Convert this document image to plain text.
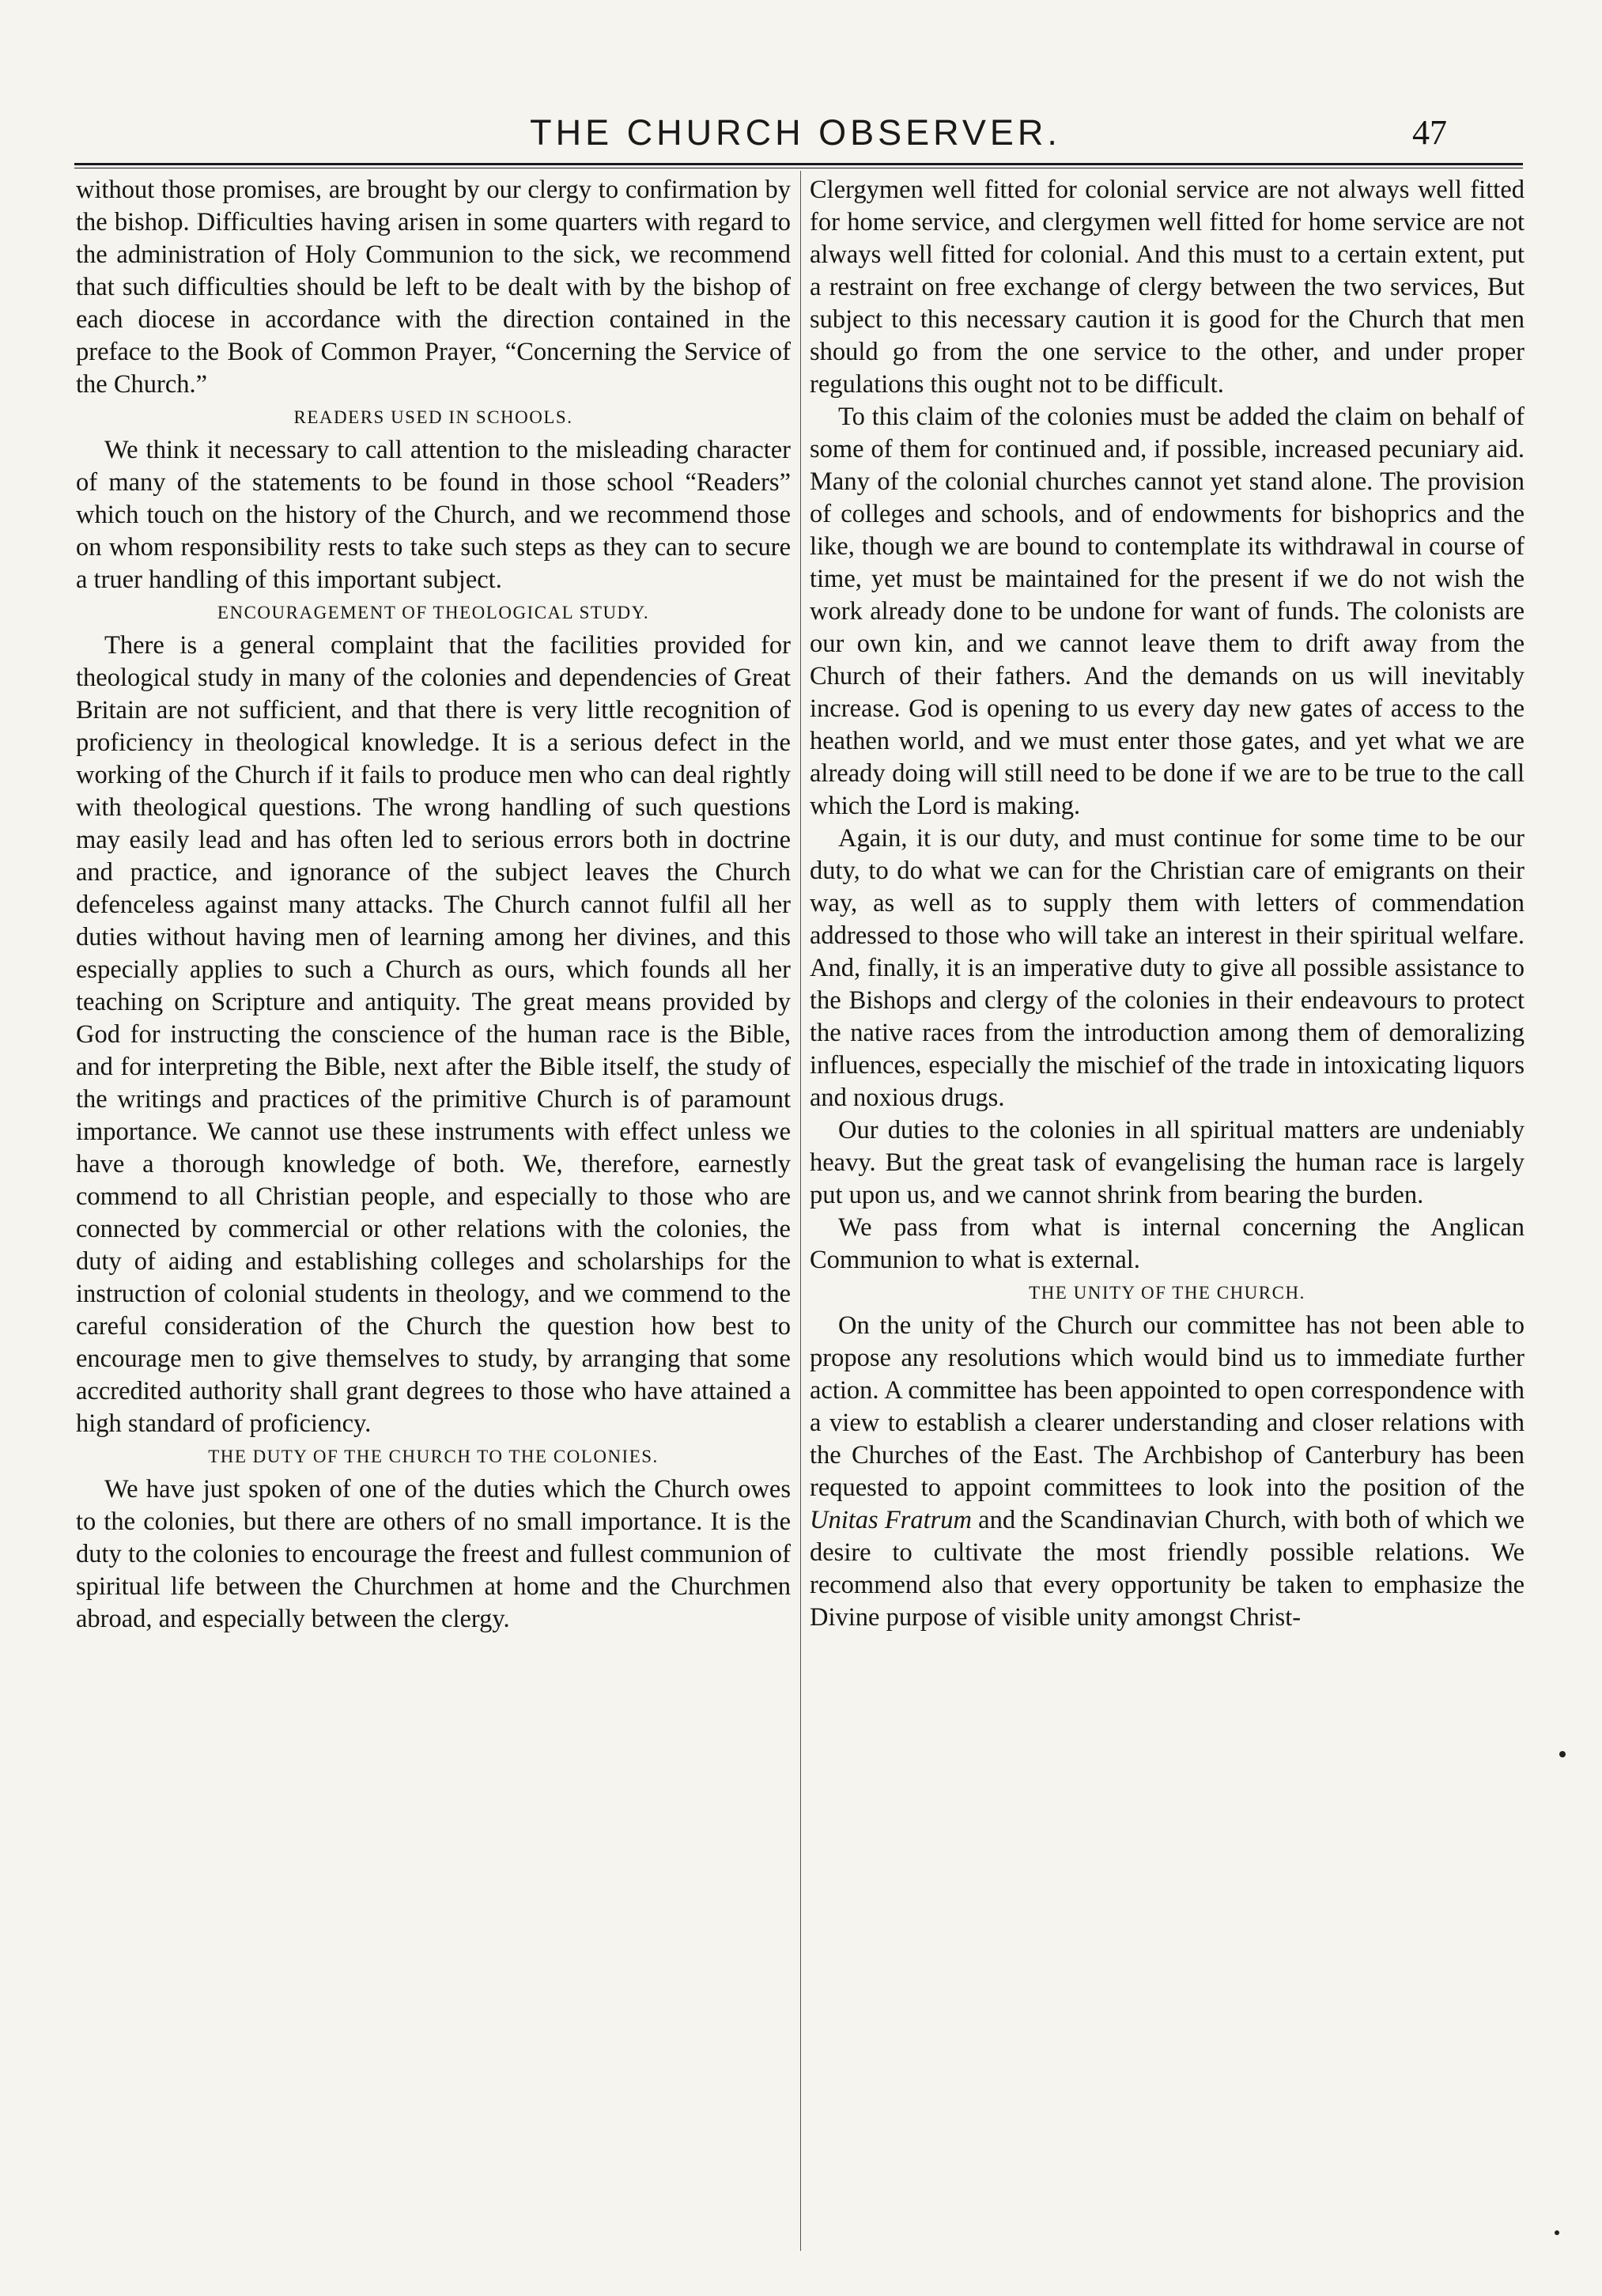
THE CHURCH OBSERVER.	47

without those promises, are brought by our clergy to confirmation by the bishop. Difficulties having arisen in some quarters with regard to the administration of Holy Communion to the sick, we recommend that such difficulties should be left to be dealt with by the bishop of each diocese in accordance with the direction contained in the preface to the Book of Common Prayer, “Concerning the Service of the Church.”

READERS USED IN SCHOOLS.

We think it necessary to call attention to the misleading character of many of the statements to be found in those school “Readers” which touch on the history of the Church, and we recommend those on whom responsibility rests to take such steps as they can to secure a truer handling of this important subject.

ENCOURAGEMENT OF THEOLOGICAL STUDY.

There is a general complaint that the facilities provided for theological study in many of the colonies and dependencies of Great Britain are not sufficient, and that there is very little recognition of proficiency in theological knowledge. It is a serious defect in the working of the Church if it fails to produce men who can deal rightly with theological questions. The wrong handling of such questions may easily lead and has often led to serious errors both in doctrine and practice, and ignorance of the subject leaves the Church defenceless against many attacks. The Church cannot fulfil all her duties without having men of learning among her divines, and this especially applies to such a Church as ours, which founds all her teaching on Scripture and antiquity. The great means provided by God for instructing the conscience of the human race is the Bible, and for interpreting the Bible, next after the Bible itself, the study of the writings and practices of the primitive Church is of paramount importance. We cannot use these instruments with effect unless we have a thorough knowledge of both. We, therefore, earnestly commend to all Christian people, and especially to those who are connected by commercial or other relations with the colonies, the duty of aiding and establishing colleges and scholarships for the instruction of colonial students in theology, and we commend to the careful consideration of the Church the question how best to encourage men to give themselves to study, by arranging that some accredited authority shall grant degrees to those who have attained a high standard of proficiency.

THE DUTY OF THE CHURCH TO THE COLONIES.

We have just spoken of one of the duties which the Church owes to the colonies, but there are others of no small importance. It is the duty to the colonies to encourage the freest and fullest communion of spiritual life between the Churchmen at home and the Churchmen abroad, and especially between the clergy.

Clergymen well fitted for colonial service are not always well fitted for home service, and clergymen well fitted for home service are not always well fitted for colonial. And this must to a certain extent, put a restraint on free exchange of clergy between the two services, But subject to this necessary caution it is good for the Church that men should go from the one service to the other, and under proper regulations this ought not to be difficult.

To this claim of the colonies must be added the claim on behalf of some of them for continued and, if possible, increased pecuniary aid. Many of the colonial churches cannot yet stand alone. The provision of colleges and schools, and of endowments for bishoprics and the like, though we are bound to contemplate its withdrawal in course of time, yet must be maintained for the present if we do not wish the work already done to be undone for want of funds. The colonists are our own kin, and we cannot leave them to drift away from the Church of their fathers. And the demands on us will inevitably increase. God is opening to us every day new gates of access to the heathen world, and we must enter those gates, and yet what we are already doing will still need to be done if we are to be true to the call which the Lord is making.

Again, it is our duty, and must continue for some time to be our duty, to do what we can for the Christian care of emigrants on their way, as well as to supply them with letters of commendation addressed to those who will take an interest in their spiritual welfare. And, finally, it is an imperative duty to give all possible assistance to the Bishops and clergy of the colonies in their endeavours to protect the native races from the introduction among them of demoralizing influences, especially the mischief of the trade in intoxicating liquors and noxious drugs.

Our duties to the colonies in all spiritual matters are undeniably heavy. But the great task of evangelising the human race is largely put upon us, and we cannot shrink from bearing the burden.

We pass from what is internal concerning the Anglican Communion to what is external.

THE UNITY OF THE CHURCH.

On the unity of the Church our committee has not been able to propose any resolutions which would bind us to immediate further action. A committee has been appointed to open correspondence with a view to establish a clearer understanding and closer relations with the Churches of the East. The Archbishop of Canterbury has been requested to appoint committees to look into the position of the Unitas Fratrum and the Scandinavian Church, with both of which we desire to cultivate the most friendly possible relations. We recommend also that every opportunity be taken to emphasize the Divine purpose of visible unity amongst Christ-
